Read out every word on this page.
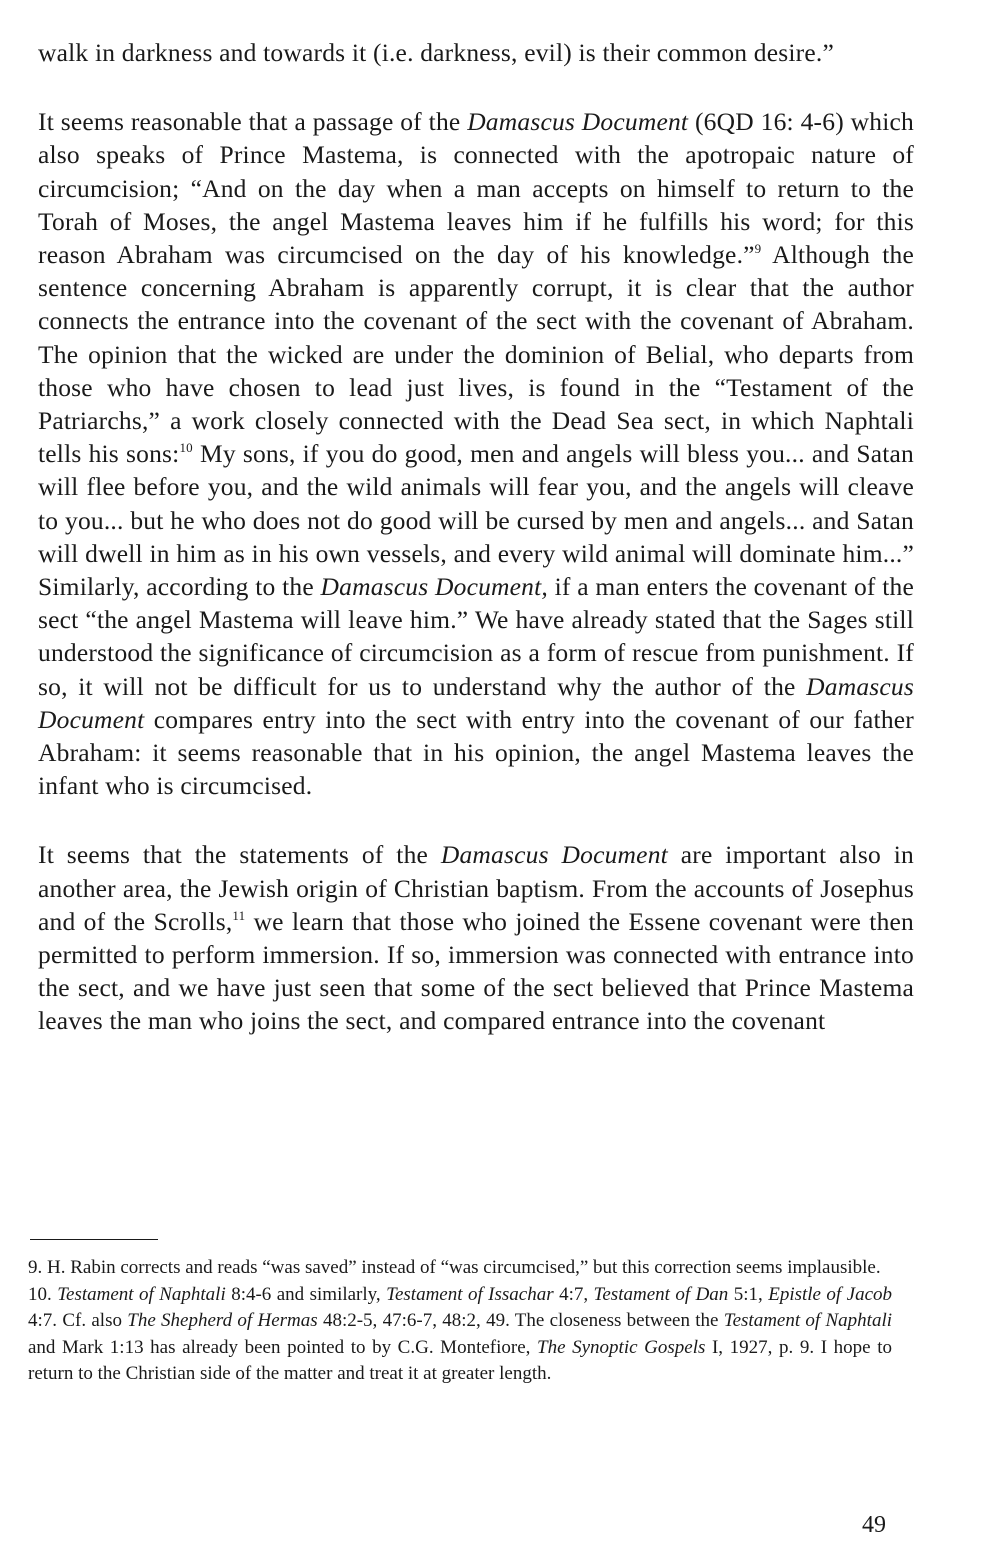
walk in darkness and towards it (i.e. darkness, evil) is their common desire.”

It seems reasonable that a passage of the Damascus Document (6QD 16: 4-6) which also speaks of Prince Mastema, is connected with the apotropaic nature of circumcision; “And on the day when a man accepts on himself to return to the Torah of Moses, the angel Mastema leaves him if he fulfills his word; for this reason Abraham was circumcised on the day of his knowledge.”$^9$ Although the sentence concerning Abraham is apparently corrupt, it is clear that the author connects the entrance into the covenant of the sect with the covenant of Abraham. The opinion that the wicked are under the dominion of Belial, who departs from those who have chosen to lead just lives, is found in the “Testament of the Patriarchs,” a work closely connected with the Dead Sea sect, in which Naphtali tells his sons:$^{10}$ My sons, if you do good, men and angels will bless you... and Satan will flee before you, and the wild animals will fear you, and the angels will cleave to you... but he who does not do good will be cursed by men and angels... and Satan will dwell in him as in his own vessels, and every wild animal will dominate him...” Similarly, according to the Damascus Document, if a man enters the covenant of the sect “the angel Mastema will leave him.” We have already stated that the Sages still understood the significance of circumcision as a form of rescue from punishment. If so, it will not be difficult for us to understand why the author of the Damascus Document compares entry into the sect with entry into the covenant of our father Abraham: it seems reasonable that in his opinion, the angel Mastema leaves the infant who is circumcised.

It seems that the statements of the Damascus Document are important also in another area, the Jewish origin of Christian baptism. From the accounts of Josephus and of the Scrolls,$^{11}$ we learn that those who joined the Essene covenant were then permitted to perform immersion. If so, immersion was connected with entrance into the sect, and we have just seen that some of the sect believed that Prince Mastema leaves the man who joins the sect, and compared entrance into the covenant

9. H. Rabin corrects and reads “was saved” instead of “was circumcised,” but this correction seems implausible.

10. Testament of Naphtali 8:4-6 and similarly, Testament of Issachar 4:7, Testament of Dan 5:1, Epistle of Jacob 4:7. Cf. also The Shepherd of Hermas 48:2-5, 47:6-7, 48:2, 49. The closeness between the Testament of Naphtali and Mark 1:13 has already been pointed to by C.G. Montefiore, The Synoptic Gospels I, 1927, p. 9. I hope to return to the Christian side of the matter and treat it at greater length.

49
